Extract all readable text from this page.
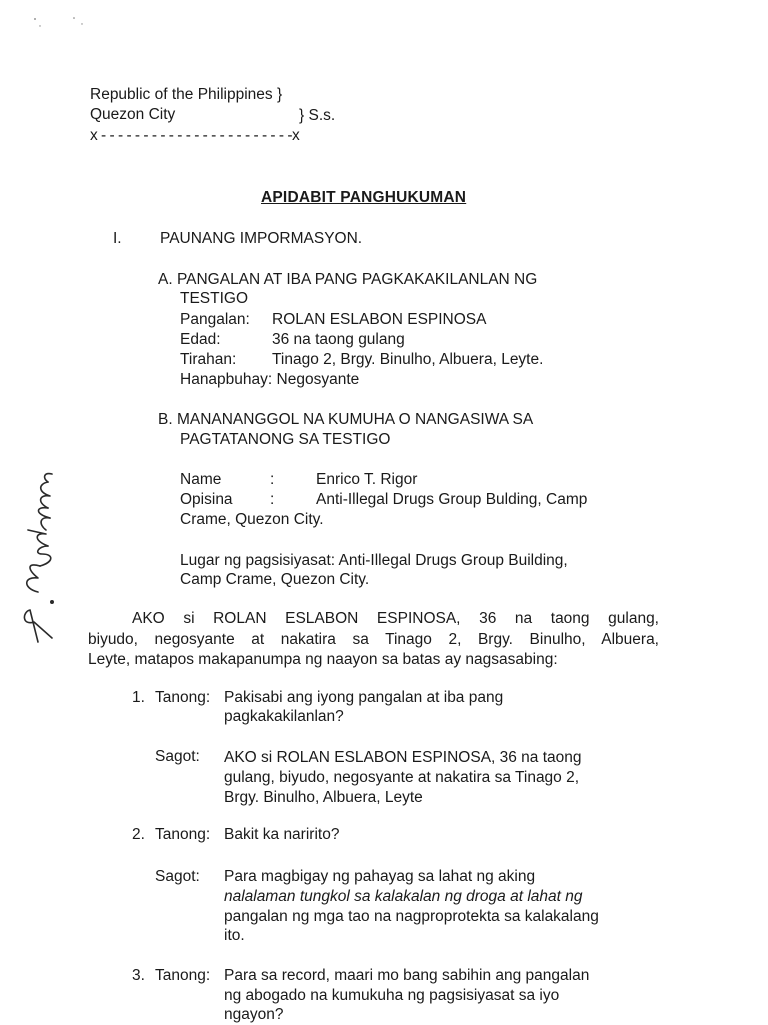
Republic of the Philippines }
Quezon City	} S.s.
x - - - - - - - - - - - - - - - - - - - - - - -x
APIDABIT PANGHUKUMAN
I. PAUNANG IMPORMASYON.
A. PANGALAN AT IBA PANG PAGKAKAKILANLAN NG
TESTIGO
Pangalan: ROLAN ESLABON ESPINOSA
Edad:	36 na taong gulang
Tirahan: Tinago 2, Brgy. Binulho, Albuera, Leyte.
Hanapbuhay: Negosyante
B. MANANANGGOL NA KUMUHA O NANGASIWA SA
PAGTATANONG SA TESTIGO
Name	:	Enrico T. Rigor
Opisina :	Anti-Illegal Drugs Group Bulding, Camp
Crame, Quezon City.
Lugar ng pagsisiyasat: Anti-Illegal Drugs Group Building,
Camp Crame, Quezon City.
AKO si ROLAN ESLABON ESPINOSA, 36 na taong gulang,
biyudo, negosyante at nakatira sa Tinago 2, Brgy. Binulho, Albuera,
Leyte, matapos makapanumpa ng naayon sa batas ay nagsasabing:
1. Tanong: Pakisabi ang iyong pangalan at iba pang
pagkakakilanlan?
Sagot: AKO si ROLAN ESLABON ESPINOSA, 36 na taong
gulang, biyudo, negosyante at nakatira sa Tinago 2,
Brgy. Binulho, Albuera, Leyte
2. Tanong: Bakit ka naririto?
Sagot: Para magbigay ng pahayag sa lahat ng aking
nalalaman tungkol sa kalakalan ng droga at lahat ng
pangalan ng mga tao na nagproprotekta sa kalakalang
ito.
3. Tanong: Para sa record, maari mo bang sabihin ang pangalan
ng abogado na kumukuha ng pagsisiyasat sa iyo
ngayon?
